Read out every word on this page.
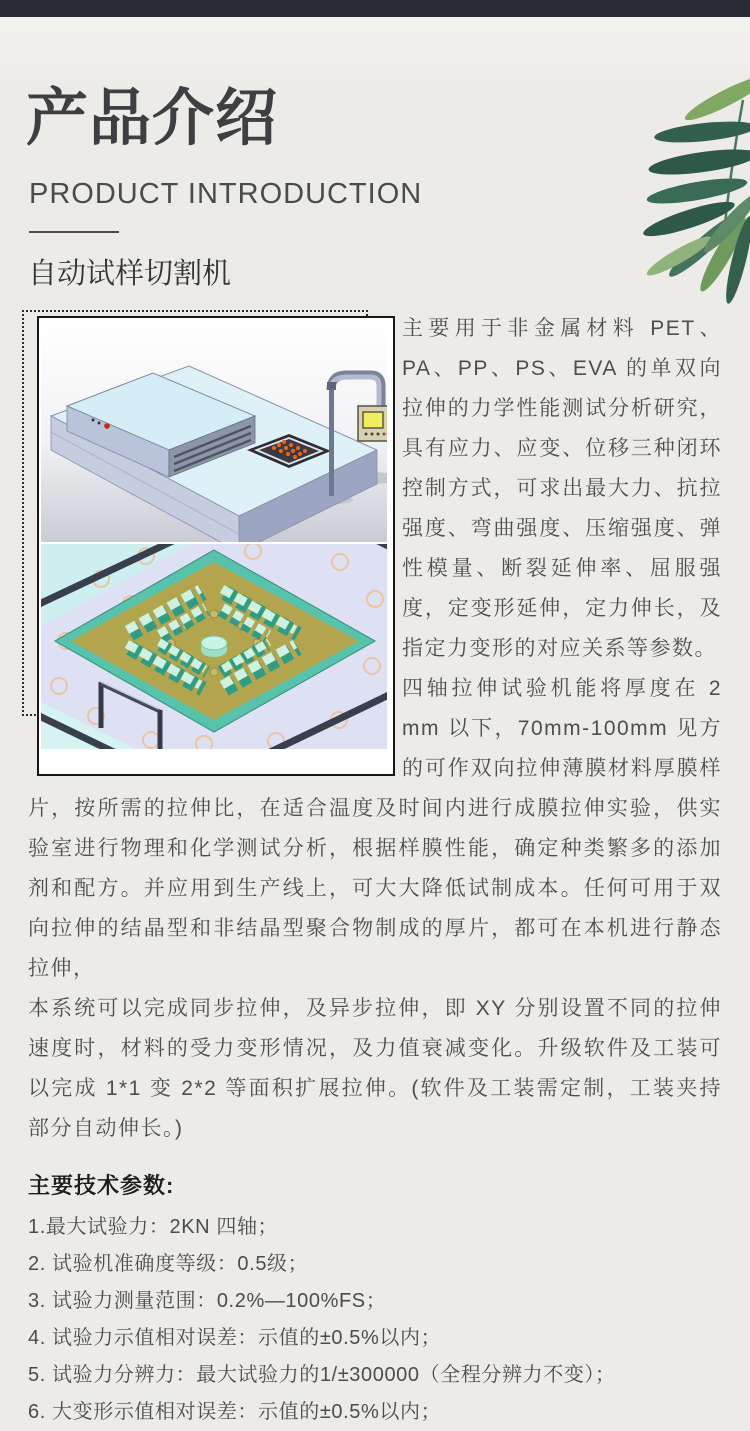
产品介绍
PRODUCT INTRODUCTION
自动试样切割机

主要用于非金属材料 PET、PA、PP、PS、EVA 的单双向拉伸的力学性能测试分析研究，具有应力、应变、位移三种闭环控制方式，可求出最大力、抗拉强度、弯曲强度、压缩强度、弹性模量、断裂延伸率、屈服强度，定变形延伸，定力伸长，及指定力变形的对应关系等参数。

四轴拉伸试验机能将厚度在 2 mm 以下，70mm-100mm 见方的可作双向拉伸薄膜材料厚膜样片，按所需的拉伸比，在适合温度及时间内进行成膜拉伸实验，供实验室进行物理和化学测试分析，根据样膜性能，确定种类繁多的添加剂和配方。并应用到生产线上，可大大降低试制成本。任何可用于双向拉伸的结晶型和非结晶型聚合物制成的厚片，都可在本机进行静态拉伸，

本系统可以完成同步拉伸，及异步拉伸，即 XY 分别设置不同的拉伸速度时，材料的受力变形情况，及力值衰减变化。升级软件及工装可以完成 1*1 变 2*2 等面积扩展拉伸。(软件及工装需定制，工装夹持部分自动伸长。)

主要技术参数:
1.最大试验力：2KN 四轴；
2. 试验机准确度等级：0.5级；
3. 试验力测量范围：0.2%—100%FS；
4. 试验力示值相对误差：示值的±0.5%以内；
5. 试验力分辨力：最大试验力的1/±300000（全程分辨力不变）；
6. 大变形示值相对误差：示值的±0.5%以内；
